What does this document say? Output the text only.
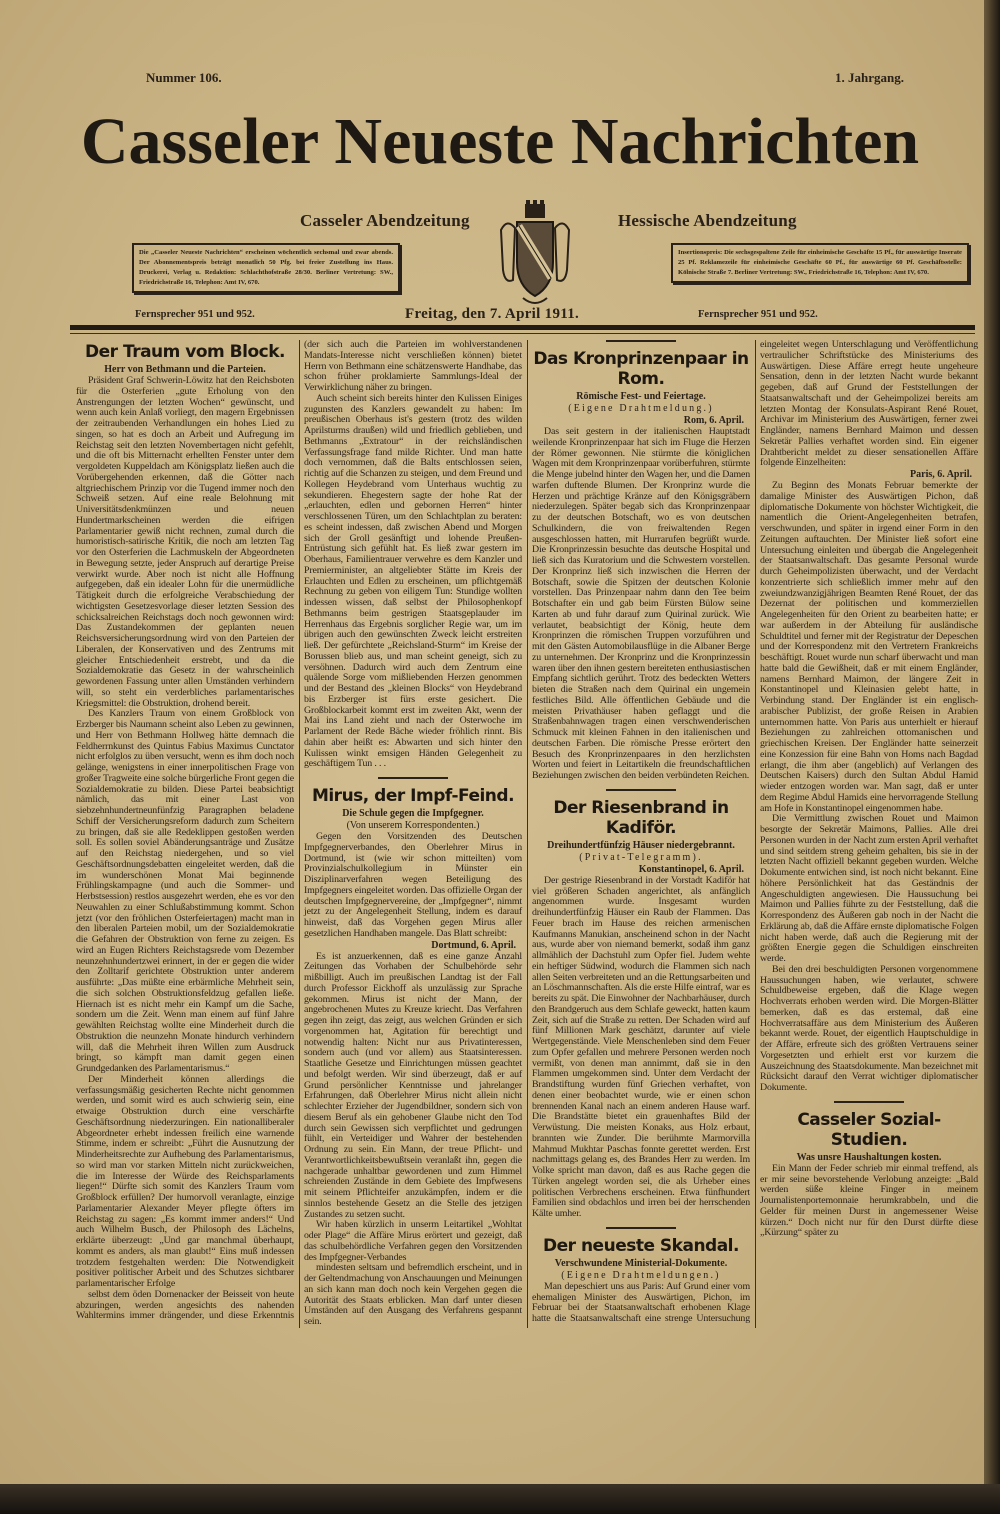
Nummer 106.	1. Jahrgang.
Casseler Neueste Nachrichten
Casseler Abendzeitung	Hessische Abendzeitung
Die „Casseler Neueste Nachrichten“ erscheinen wöchentlich sechsmal und zwar abends. Der Abonnementspreis beträgt monatlich 50 Pfg. bei freier Zustellung ins Haus. Druckerei, Verlag u. Redaktion: Schlachthofstraße 28/30. Berliner Vertretung: SW., Friedrichstraße 16, Telephon: Amt IV, 670.
Insertionspreis: Die sechsgespaltene Zeile für einheimische Geschäfte 15 Pf., für auswärtige Inserate 25 Pf. Reklamezeile für einheimische Geschäfte 60 Pf., für auswärtige 60 Pf. Geschäftsstelle: Kölnische Straße 7. Berliner Vertretung: SW., Friedrichstraße 16, Telephon: Amt IV, 670.
Fernsprecher 951 und 952.	Freitag, den 7. April 1911.	Fernsprecher 951 und 952.
Der Traum vom Block.
Herr von Bethmann und die Parteien.

Präsident Graf Schwerin-Löwitz hat den Reichsboten für die Osterferien „gute Erholung von den Anstrengungen der letzten Wochen“ gewünscht, und wenn auch kein Anlaß vorliegt, den magern Ergebnissen der zeitraubenden Verhandlungen ein hohes Lied zu singen, so hat es doch an Arbeit und Aufregung im Reichstag seit den letzten Novembertagen nicht gefehlt, und die oft bis Mitternacht erhellten Fenster unter dem vergoldeten Kuppeldach am Königsplatz ließen auch die Vorübergehenden erkennen, daß die Götter nach altgriechischem Prinzip vor die Tugend immer noch den Schweiß setzen. Auf eine reale Belohnung mit Universitätsdenkmünzen und neuen Hundertmarkscheinen werden die eifrigen Parlamentarier gewiß nicht rechnen, zumal durch die humoristisch-satirische Kritik, die noch am letzten Tag vor den Osterferien die Lachmuskeln der Abgeordneten in Bewegung setzte, jeder Anspruch auf derartige Preise verwirkt wurde. Aber noch ist nicht alle Hoffnung aufgegeben, daß ein idealer Lohn für die unermüdliche Tätigkeit durch die erfolgreiche Verabschiedung der wichtigsten Gesetzesvorlage dieser letzten Session des schicksalreichen Reichstags doch noch gewonnen wird: Das Zustandekommen der geplanten neuen Reichsversicherungsordnung wird von den Parteien der Liberalen, der Konservativen und des Zentrums mit gleicher Entschiedenheit erstrebt, und da die Sozialdemokratie das Gesetz in der wahrscheinlich gewordenen Fassung unter allen Umständen verhindern will, so steht ein verderbliches parlamentarisches Kriegsmittel: die Obstruktion, drohend bereit.

Des Kanzlers Traum von einem Großblock von Erzberger bis Naumann scheint also Leben zu gewinnen, und Herr von Bethmann Hollweg hätte demnach die Feldherrnkunst des Quintus Fabius Maximus Cunctator nicht erfolglos zu üben versucht, wenn es ihm doch noch gelänge, wenigstens in einer innerpolitischen Frage von großer Tragweite eine solche bürgerliche Front gegen die Sozialdemokratie zu bilden. Diese Partei beabsichtigt nämlich, das mit einer Last von siebzehnhundertneunfünfzig Paragraphen beladene Schiff der Versicherungsreform dadurch zum Scheitern zu bringen, daß sie alle Redeklippen gestoßen werden soll. Es sollen soviel Abänderungsanträge und Zusätze auf den Reichstag niedergehen, und so viel Geschäftsordnungsdebatten eingeleitet werden, daß die im wunderschönen Monat Mai beginnende Frühlingskampagne (und auch die Sommer- und Herbstsession) restlos ausgezehrt werden, ehe es vor den Neuwahlen zu einer Schlußabstimmung kommt. Schon jetzt (vor den fröhlichen Osterfeiertagen) macht man in den liberalen Parteien mobil, um der Sozialdemokratie die Gefahren der Obstruktion von ferne zu zeigen. Es wird an Eugen Richters Reichstagsrede vom Dezember neunzehnhundertzwei erinnert, in der er gegen die wider den Zolltarif gerichtete Obstruktion unter anderem ausführte: „Das müßte eine erbärmliche Mehrheit sein, die sich solchen Obstruktionsfeldzug gefallen ließe. Hiernach ist es nicht mehr ein Kampf um die Sache, sondern um die Zeit. Wenn man einem auf fünf Jahre gewählten Reichstag wollte eine Minderheit durch die Obstruktion die neunzehn Monate hindurch verhindern will, daß die Mehrheit ihren Willen zum Ausdruck bringt, so kämpft man damit gegen einen Grundgedanken des Parlamentarismus.“

Der Minderheit können allerdings die verfassungsmäßig gesicherten Rechte nicht genommen werden, und somit wird es auch schwierig sein, eine etwaige Obstruktion durch eine verschärfte Geschäftsordnung niederzuringen. Ein nationalliberaler Abgeordneter erhebt indessen freilich eine warnende Stimme, indem er schreibt: „Führt die Ausnutzung der Minderheitsrechte zur Aufhebung des Parlamentarismus, so wird man vor starken Mitteln nicht zurückweichen, die im Interesse der Würde des Reichsparlaments liegen!“ Dürfte sich somit des Kanzlers Traum vom Großblock erfüllen? Der humorvoll veranlagte, einzige Parlamentarier Alexander Meyer pflegte öfters im Reichstag zu sagen: „Es kommt immer anders!“ Und auch Wilhelm Busch, der Philosoph des Lächelns, erklärte überzeugt: „Und gar manchmal überhaupt, kommt es anders, als man glaubt!“ Eins muß indessen trotzdem festgehalten werden: Die Notwendigkeit positiver politischer Arbeit und des Schutzes sichtbarer parlamentarischer Erfolge

selbst dem öden Dornenacker der Beisseit von heute abzuringen, werden angesichts des nahenden Wahltermins immer drängender, und diese Erkenntnis (der sich auch die Parteien im wohlverstandenen Mandats-Interesse nicht verschließen können) bietet Herrn von Bethmann eine schätzenswerte Handhabe, das schon früher proklamierte Sammlungs-Ideal der Verwirklichung näher zu bringen.

Auch scheint sich bereits hinter den Kulissen Einiges zugunsten des Kanzlers gewandelt zu haben: Im preußischen Oberhaus ist's gestern (trotz des wilden Aprilsturms draußen) wild und friedlich geblieben, und Bethmanns „Extratour“ in der reichsländischen Verfassungsfrage fand milde Richter. Und man hatte doch vernommen, daß die Balts entschlossen seien, richtig auf die Schanzen zu steigen, und dem Freund und Kollegen Heydebrand vom Unterhaus wuchtig zu sekundieren. Ehegestern sagte der hohe Rat der „erlauchten, edlen und gebornen Herren“ hinter verschlossenen Türen, um den Schlachtplan zu beraten: es scheint indessen, daß zwischen Abend und Morgen sich der Groll gesänftigt und lohende Preußen-Entrüstung sich gefühlt hat. Es ließ zwar gestern im Oberhaus, Familientrauer verwehre es dem Kanzler und Premierminister, an altgeliebter Stätte im Kreis der Erlauchten und Edlen zu erscheinen, um pflichtgemäß Rechnung zu geben von eiligem Tun: Stundige wollten indessen wissen, daß selbst der Philosophenkopf Bethmanns beim gestrigen Staatsgeplauder im Herrenhaus das Ergebnis sorglicher Regie war, um im übrigen auch den gewünschten Zweck leicht erstreiten ließ. Der gefürchtete „Reichsland-Sturm“ im Kreise der Borussen blieb aus, und man scheint geneigt, sich zu versöhnen. Dadurch wird auch dem Zentrum eine quälende Sorge vom mißliebenden Herzen genommen und der Bestand des „kleinen Blocks“ von Heydebrand bis Erzberger ist fürs erste gesichert. Die Großblockarbeit kommt erst im zweiten Akt, wenn der Mai ins Land zieht und nach der Osterwoche im Parlament der Rede Bäche wieder fröhlich rinnt. Bis dahin aber heißt es: Abwarten und sich hinter den Kulissen winkt emsigen Händen Gelegenheit zu geschäftigem Tun . . .

Mirus, der Impf-Feind.
Die Schule gegen die Impfgegner.
(Von unserem Korrespondenten.)

Gegen den Vorsitzenden des Deutschen Impfgegnerverbandes, den Oberlehrer Mirus in Dortmund, ist (wie wir schon mitteilten) vom Provinzialschulkollegium in Münster ein Disziplinarverfahren wegen Beteiligung des Impfgegners eingeleitet worden. Das offizielle Organ der deutschen Impfgegnervereine, der „Impfgegner“, nimmt jetzt zu der Angelegenheit Stellung, indem es darauf hinweist, daß das Vorgehen gegen Mirus aller gesetzlichen Handhaben mangele. Das Blatt schreibt:

Dortmund, 6. April.

Es ist anzuerkennen, daß es eine ganze Anzahl Zeitungen das Vorhaben der Schulbehörde sehr mißbilligt. Auch im preußischen Landtag ist der Fall durch Professor Eickhoff als unzulässig zur Sprache gekommen. Mirus ist nicht der Mann, der angebrochenen Mutes zu Kreuze kriecht. Das Verfahren gegen ihn zeigt, das zeigt, aus welchen Gründen er sich vorgenommen hat, Agitation für berechtigt und notwendig halten: Nicht nur aus Privatinteressen, sondern auch (und vor allem) aus Staatsinteressen. Staatliche Gesetze und Einrichtungen müssen geachtet und befolgt werden. Wir sind überzeugt, daß er auf Grund persönlicher Kenntnisse und jahrelanger Erfahrungen, daß Oberlehrer Mirus nicht allein nicht schlechter Erzieher der Jugendbildner, sondern sich von diesem Beruf als ein gehobener Glaube nicht den Tod durch sein Gewissen sich verpflichtet und gedrungen fühlt, ein Verteidiger und Wahrer der bestehenden Ordnung zu sein. Ein Mann, der treue Pflicht- und Verantwortlichkeitsbewußtsein veranlaßt ihn, gegen die nachgerade unhaltbar gewordenen und zum Himmel schreienden Zustände in dem Gebiete des Impfwesens mit seinem Pflichteifer anzukämpfen, indem er die sinnlos bestehende Gesetz an die Stelle des jetzigen Zustandes zu setzen sucht.

Wir haben kürzlich in unserm Leitartikel „Wohltat oder Plage“ die Affäre Mirus erörtert und gezeigt, daß das schulbehördliche Verfahren gegen den Vorsitzenden des Impfgegner-Verbandes

mindesten seltsam und befremdlich erscheint, und in der Geltendmachung von Anschauungen und Meinungen an sich kann man doch noch kein Vergehen gegen die Autorität des Staats erblicken. Man darf unter diesen Umständen auf den Ausgang des Verfahrens gespannt sein.

Das Kronprinzenpaar in Rom.
Römische Fest- und Feiertage.
(Eigene Drahtmeldung.)
Rom, 6. April.

Das seit gestern in der italienischen Hauptstadt weilende Kronprinzenpaar hat sich im Fluge die Herzen der Römer gewonnen. Nie stürmte die königlichen Wagen mit dem Kronprinzenpaar vorüberfuhren, stürmte die Menge jubelnd hinter den Wagen her, und die Damen warfen duftende Blumen. Der Kronprinz wurde die Herzen und prächtige Kränze auf den Königsgräbern niederzulegen. Später begab sich das Kronprinzenpaar zu der deutschen Botschaft, wo es von deutschen Schulkindern, die von freiwaltenden Regen ausgeschlossen hatten, mit Hurrarufen begrüßt wurde. Die Kronprinzessin besuchte das deutsche Hospital und ließ sich das Kuratorium und die Schwestern vorstellen. Der Kronprinz ließ sich inzwischen die Herren der Botschaft, sowie die Spitzen der deutschen Kolonie vorstellen. Das Prinzenpaar nahm dann den Tee beim Botschafter ein und gab beim Fürsten Bülow seine Karten ab und fuhr darauf zum Quirinal zurück. Wie verlautet, beabsichtigt der König, heute dem Kronprinzen die römischen Truppen vorzuführen und mit den Gästen Automobilausflüge in die Albaner Berge zu unternehmen. Der Kronprinz und die Kronprinzessin waren über den ihnen gestern bereiteten enthusiastischen Empfang sichtlich gerührt. Trotz des bedeckten Wetters bieten die Straßen nach dem Quirinal ein ungemein festliches Bild. Alle öffentlichen Gebäude und die meisten Privathäuser haben geflaggt und die Straßenbahnwagen tragen einen verschwenderischen Schmuck mit kleinen Fahnen in den italienischen und deutschen Farben. Die römische Presse erörtert den Besuch des Kronprinzenpaares in den herzlichsten Worten und feiert in Leitartikeln die freundschaftlichen Beziehungen zwischen den beiden verbündeten Reichen.

Der Riesenbrand in Kadiför.
Dreihundertfünfzig Häuser niedergebrannt.
(Privat-Telegramm).
Konstantinopel, 6. April.

Der gestrige Riesenbrand in der Vorstadt Kadiför hat viel größeren Schaden angerichtet, als anfänglich angenommen wurde. Insgesamt wurden dreihundertfünfzig Häuser ein Raub der Flammen. Das Feuer brach im Hause des reichen armenischen Kaufmanns Manukian, anscheinend schon in der Nacht aus, wurde aber von niemand bemerkt, sodaß ihm ganz allmählich der Dachstuhl zum Opfer fiel. Judem wehte ein heftiger Südwind, wodurch die Flammen sich nach allen Seiten verbreiteten und an die Rettungsarbeiten und an Löschmannschaften. Als die erste Hilfe eintraf, war es bereits zu spät. Die Einwohner der Nachbarhäuser, durch den Brandgeruch aus dem Schlafe geweckt, hatten kaum Zeit, sich auf die Straße zu retten. Der Schaden wird auf fünf Millionen Mark geschätzt, darunter auf viele Wertgegenstände. Viele Menschenleben sind dem Feuer zum Opfer gefallen und mehrere Personen werden noch vermißt, von denen man annimmt, daß sie in den Flammen umgekommen sind. Unter dem Verdacht der Brandstiftung wurden fünf Griechen verhaftet, von denen einer beobachtet wurde, wie er einen schon brennenden Kanal nach an einem anderen Hause warf. Die Brandstätte bietet ein grauenhaftes Bild der Verwüstung. Die meisten Konaks, aus Holz erbaut, brannten wie Zunder. Die berühmte Marmorvilla Mahmud Mukhtar Paschas fonnte gerettet werden. Erst nachmittags gelang es, des Brandes Herr zu werden. Im Volke spricht man davon, daß es aus Rache gegen die Türken angelegt worden sei, die als Urheber eines politischen Verbrechens erscheinen. Etwa fünfhundert Familien sind obdachlos und irren bei der herrschenden Kälte umher.

Der neueste Skandal.
Verschwundene Ministerial-Dokumente.
(Eigene Drahtmeldungen.)

Man depeschiert uns aus Paris: Auf Grund einer vom ehemaligen Minister des Auswärtigen, Pichon, im Februar bei der Staatsanwaltschaft erhobenen Klage hatte die Staatsanwaltschaft eine strenge Untersuchung eingeleitet wegen Unterschlagung und Veröffentlichung vertraulicher Schriftstücke des Ministeriums des Auswärtigen. Diese Affäre erregt heute ungeheure Sensation, denn in der letzten Nacht wurde bekannt gegeben, daß auf Grund der Feststellungen der Staatsanwaltschaft und der Geheimpolizei bereits am letzten Montag der Konsulats-Aspirant René Rouet, Archivar im Ministerium des Auswärtigen, ferner zwei Engländer, namens Bernhard Maimon und dessen Sekretär Pallies verhaftet worden sind. Ein eigener Drahtbericht meldet zu dieser sensationellen Affäre folgende Einzelheiten:

Paris, 6. April.

Zu Beginn des Monats Februar bemerkte der damalige Minister des Auswärtigen Pichon, daß diplomatische Dokumente von höchster Wichtigkeit, die namentlich die Orient-Angelegenheiten betrafen, verschwunden, und später in irgend einer Form in den Zeitungen auftauchten. Der Minister ließ sofort eine Untersuchung einleiten und übergab die Angelegenheit der Staatsanwaltschaft. Das gesamte Personal wurde durch Geheimpolizisten überwacht, und der Verdacht konzentrierte sich schließlich immer mehr auf den zweiundzwanzigjährigen Beamten René Rouet, der das Dezernat der politischen und kommerziellen Angelegenheiten für den Orient zu bearbeiten hatte; er war außerdem in der Abteilung für ausländische Schuldtitel und ferner mit der Registratur der Depeschen und der Korrespondenz mit den Vertretern Frankreichs beschäftigt. Rouet wurde nun scharf überwacht und man hatte bald die Gewißheit, daß er mit einem Engländer, namens Bernhard Maimon, der längere Zeit in Konstantinopel und Kleinasien gelebt hatte, in Verbindung stand. Der Engländer ist ein englisch-arabischer Publizist, der große Reisen in Arabien unternommen hatte. Von Paris aus unterhielt er hierauf Beziehungen zu zahlreichen ottomanischen und griechischen Kreisen. Der Engländer hatte seinerzeit eine Konzession für eine Bahn von Homs nach Bagdad erlangt, die ihm aber (angeblich) auf Verlangen des Deutschen Kaisers) durch den Sultan Abdul Hamid wieder entzogen worden war. Man sagt, daß er unter dem Regime Abdul Hamids eine hervorragende Stellung am Hofe in Konstantinopel eingenommen habe.

Die Vermittlung zwischen Rouet und Maimon besorgte der Sekretär Maimons, Pallies. Alle drei Personen wurden in der Nacht zum ersten April verhaftet und sind seitdem streng geheim gehalten, bis sie in der letzten Nacht offiziell bekannt gegeben wurden. Welche Dokumente entwichen sind, ist noch nicht bekannt. Eine höhere Persönlichkeit hat das Geständnis der Angeschuldigten angewiesen. Die Haussuchung bei Maimon und Pallies führte zu der Feststellung, daß die Korrespondenz des Äußeren gab noch in der Nacht die Erklärung ab, daß die Affäre ernste diplomatische Folgen nicht haben werde, daß auch die Regierung mit der größten Energie gegen die Schuldigen einschreiten werde.

Bei den drei beschuldigten Personen vorgenommene Haussuchungen haben, wie verlautet, schwere Schuldbeweise ergeben, daß die Klage wegen Hochverrats erhoben werden wird. Die Morgen-Blätter bemerken, daß es das erstemal, daß eine Hochverratsaffäre aus dem Ministerium des Äußeren bekannt werde. Rouet, der eigentlich Hauptschuldige in der Affäre, erfreute sich des größten Vertrauens seiner Vorgesetzten und erhielt erst vor kurzem die Auszeichnung des Staatsdokumente. Man bezeichnet mit Rücksicht darauf den Verrat wichtiger diplomatischer Dokumente.

Casseler Sozial-Studien.
Was unsre Haushaltungen kosten.

Ein Mann der Feder schrieb mir einmal treffend, als er mir seine bevorstehende Verlobung anzeigte: „Bald werden süße kleine Finger in meinem Journalistenportemonnaie herumkrabbeln, und die Gelder für meinen Durst in angemessener Weise kürzen.“ Doch nicht nur für den Durst dürfte diese „Kürzung“ später zu
